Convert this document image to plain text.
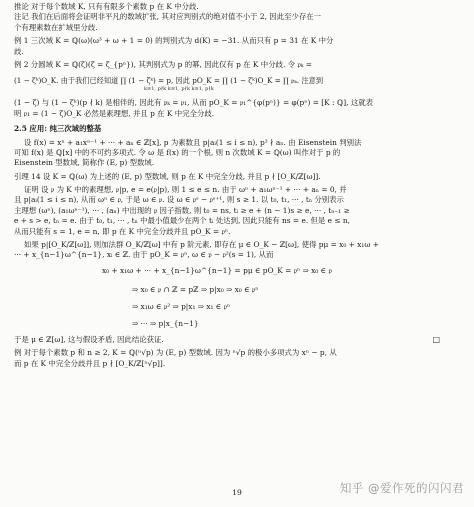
推论 对于每个数域 K, 只有有限多个素数 p 在 K 中分歧.
注记 我们在后面将会证明非平凡的数域扩张, 其对应判别式的绝对值不小于 2, 因此至少存在一
个有理素数在扩域里分歧.
例 1 三次域 K = ℚ(ω)(ω³ + ω + 1 = 0) 的判别式为 d(K) = −31. 从而只有 p = 31 在 K 中分
歧.
例 2 分圆域 K = ℚ(ζ)(ζ = ζ_{pⁿ}), 其判别式为 p 的幂, 因此仅有 p 在 K 中分歧. 令 𝔭ₖ =
(1 − ζᵏ)O_K. 由于我们已经知道 ∏ (1 − ζᵏ) = p, 因此 pO_K = ∏ (1 − ζᵏ)O_K = ∏ 𝔭ₖ. 注意到
k≡1, p∤k k≡1, p∤k k≡1, p∤k
(1 − ζ) 与 (1 − ζᵏ)(p ∤ k) 是相伴的, 因此有 𝔭ₖ = 𝔭₁, 从而 pO_K = 𝔭₁^{φ(pⁿ)} = φ(pⁿ) = [K : ℚ], 这就表
明 𝔭₁ = (1 − ζ)O_K 必然是素理想, 并且 p 在 K 中完全分歧.
2.5 应用: 纯三次域的整基
设 f(x) = xⁿ + a₁xⁿ⁻¹ + ··· + aₙ ∈ ℤ[x], p 为素数且 p|aᵢ(1 ≤ i ≤ n), p² ∤ aₙ. 由 Eisenstein 判别法
可知 f(x) 是 ℚ[x] 中的不可约多项式. 令 ω 是 f(x) 的一个根, 则 n 次数域 K = ℚ(ω) 叫作对于 p 的
Eisenstein 型数域, 简称作 (E, p) 型数域.
引理 14 设 K = ℚ(ω) 为上述的 (E, p) 型数域, 则 p 在 K 中完全分歧, 并且 p ∤ [O_K/ℤ[ω]].
证明 设 𝔭 为 K 中的素理想, 𝔭|p, e = e(𝔭|p), 则 1 ≤ e ≤ n. 由于 ωⁿ + a₁ωⁿ⁻¹ + ··· + aₙ = 0, 并
且 p|aᵢ(1 ≤ i ≤ n), 从而 ωⁿ ∈ 𝔭, 于是 ω ∈ 𝔭. 设 ω ∈ 𝔭ˢ − 𝔭ˢ⁺¹, 则 s ≥ 1. 以 t₀, t₁, ··· , tₙ 分别表示
主理想 (ωⁿ), (a₁ωⁿ⁻¹), ··· , (aₙ) 中出现的 𝔭 因子指数, 则 t₀ = ns, tᵢ ≥ e + (n − 1)s ≥ e, ··· , tₙ₋₁ ≥
e + s > e, tₙ = e. 由于 t₀, t₁, ··· , tₙ 中最小值最少在两个 tᵢ 处达到, 因此只能有 ns = e. 但是 e ≤ n,
从而只能有 s = 1, e = n, 即 p 在 K 中完全分歧并且 pO_K = 𝔭ⁿ.
如果 p|[O_K/ℤ[ω]], 则加法群 O_K/ℤ[ω] 中有 p 阶元素, 即存在 μ ∈ O_K − ℤ[ω], 使得 pμ = x₀ + x₁ω +
··· + x_{n−1}ω^{n−1}, xᵢ ∈ ℤ. 由于 pO_K = 𝔭ⁿ, ω ∈ 𝔭 − 𝔭²(s = 1), 从而
x₀ + x₁ω + ··· + x_{n−1}ω^{n−1} = pμ ∈ pO_K = 𝔭ⁿ ⇒ x₀ ∈ 𝔭
⇒ x₀ ∈ 𝔭 ∩ ℤ = pℤ ⇒ p|x₀ ⇒ x₀ ∈ 𝔭ⁿ
⇒ x₁ω ∈ 𝔭² ⇒ p|x₁ ⇒ x₁ ∈ 𝔭ⁿ
⇒ ··· ⇒ p|x_{n−1}
于是 μ ∈ ℤ[ω], 这与假设矛盾, 因此结论获证.	□
例 对于每个素数 p 和 n ≥ 2, K = ℚ(ⁿ√p) 为 (E, p) 型数域. 因为 ⁿ√p 的极小多项式为 xⁿ − p, 从
而 p 在 K 中完全分歧并且 p ∤ [O_K/ℤ[ⁿ√p]].
19	知乎 @爱作死的闪闪君
